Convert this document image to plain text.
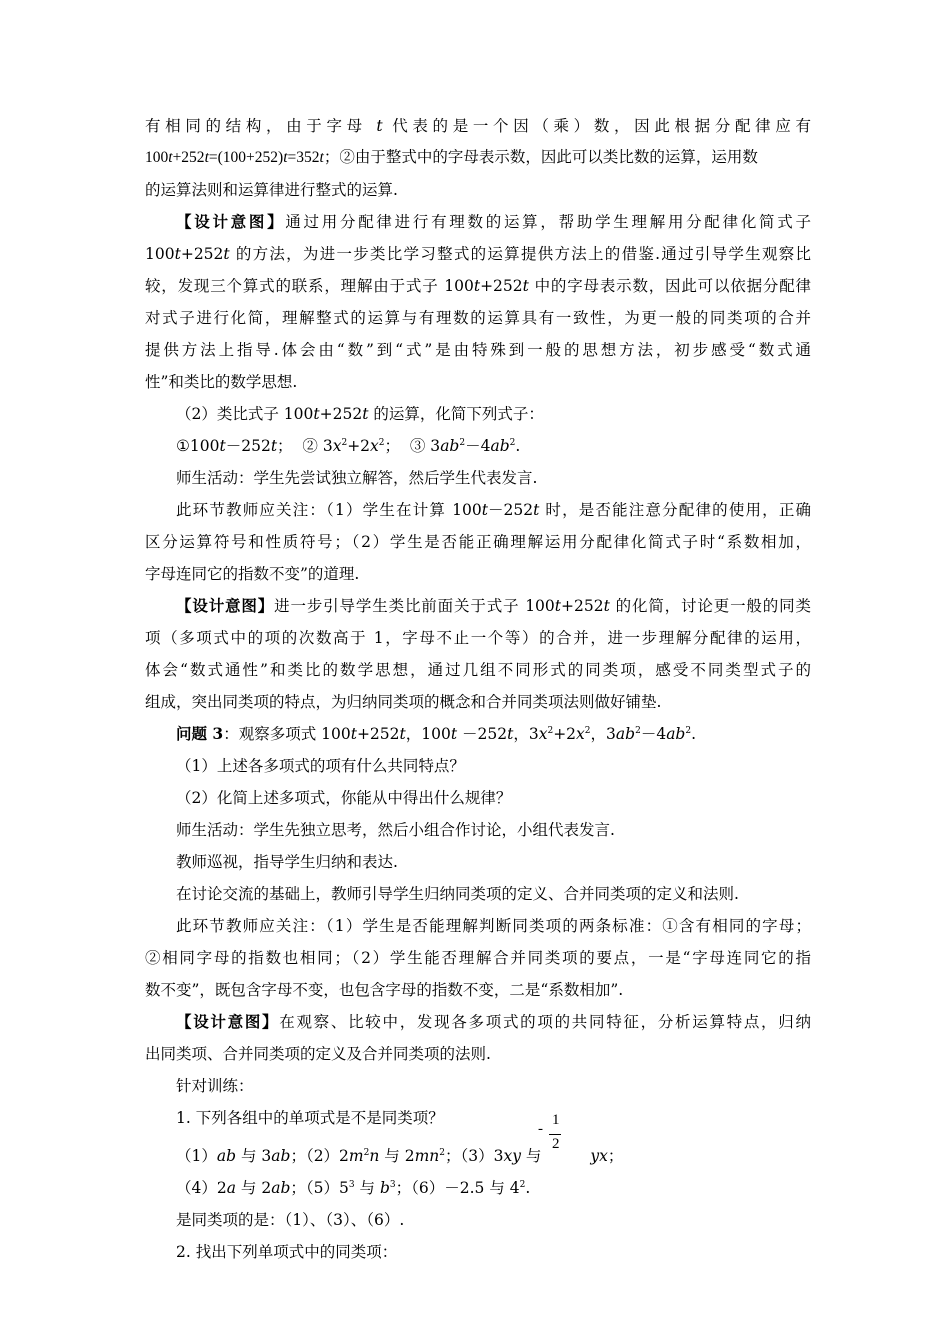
有相同的结构，由于字母 t 代表的是一个因（乘）数，因此根据分配律应有
100t+252t=(100+252)t=352t；②由于整式中的字母表示数，因此可以类比数的运算，运用数
的运算法则和运算律进行整式的运算.
【设计意图】通过用分配律进行有理数的运算，帮助学生理解用分配律化简式子
100t+252t 的方法，为进一步类比学习整式的运算提供方法上的借鉴.通过引导学生观察比
较，发现三个算式的联系，理解由于式子 100t+252t 中的字母表示数，因此可以依据分配律
对式子进行化简，理解整式的运算与有理数的运算具有一致性，为更一般的同类项的合并
提供方法上指导.体会由“数”到“式”是由特殊到一般的思想方法，初步感受“数式通
性”和类比的数学思想.
（2）类比式子 100t+252t 的运算，化简下列式子：
①100t－252t；  ② $3x^2+2x^2$；  ③ $3ab^2-4ab^2$.
师生活动：学生先尝试独立解答，然后学生代表发言.
此环节教师应关注：（1）学生在计算 100t－252t 时，是否能注意分配律的使用，正确
区分运算符号和性质符号；（2）学生是否能正确理解运用分配律化简式子时“系数相加，
字母连同它的指数不变”的道理.
【设计意图】进一步引导学生类比前面关于式子 100t+252t 的化简，讨论更一般的同类
项（多项式中的项的次数高于 1，字母不止一个等）的合并，进一步理解分配律的运用，
体会“数式通性”和类比的数学思想，通过几组不同形式的同类项，感受不同类型式子的
组成，突出同类项的特点，为归纳同类项的概念和合并同类项法则做好铺垫.
问题 3：观察多项式 100t+252t，100t －252t，$3x^2+2x^2$，$3ab^2-4ab^2$.
（1）上述各多项式的项有什么共同特点？
（2）化简上述多项式，你能从中得出什么规律？
师生活动：学生先独立思考，然后小组合作讨论，小组代表发言.
教师巡视，指导学生归纳和表达.
在讨论交流的基础上，教师引导学生归纳同类项的定义、合并同类项的定义和法则.
此环节教师应关注：（1）学生是否能理解判断同类项的两条标准：①含有相同的字母；
②相同字母的指数也相同；（2）学生能否理解合并同类项的要点，一是“字母连同它的指
数不变”，既包含字母不变，也包含字母的指数不变，二是“系数相加”.
【设计意图】在观察、比较中，发现各多项式的项的共同特征，分析运算特点，归纳
出同类项、合并同类项的定义及合并同类项的法则.
针对训练：
1. 下列各组中的单项式是不是同类项？
（1）ab 与 3ab；$(2)2m^2n$ 与 $2mn^2$；（3）3xy 与	yx；
-
1
2
（4）2a 与 2ab；$(5)5^3$ 与 $b^3$；（6）－2.5 与 $4^2$.
是同类项的是：（1）、（3）、（6）.
2. 找出下列单项式中的同类项：
